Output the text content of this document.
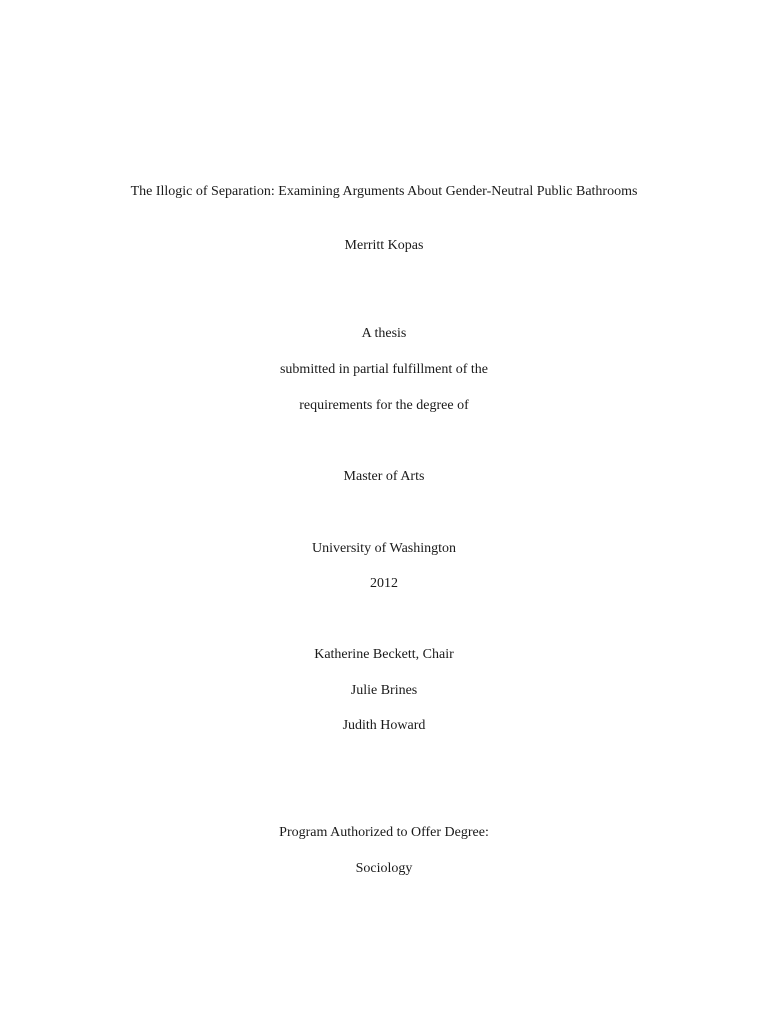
The Illogic of Separation: Examining Arguments About Gender-Neutral Public Bathrooms
Merritt Kopas
A thesis
submitted in partial fulfillment of the
requirements for the degree of
Master of Arts
University of Washington
2012
Katherine Beckett, Chair
Julie Brines
Judith Howard
Program Authorized to Offer Degree:
Sociology
